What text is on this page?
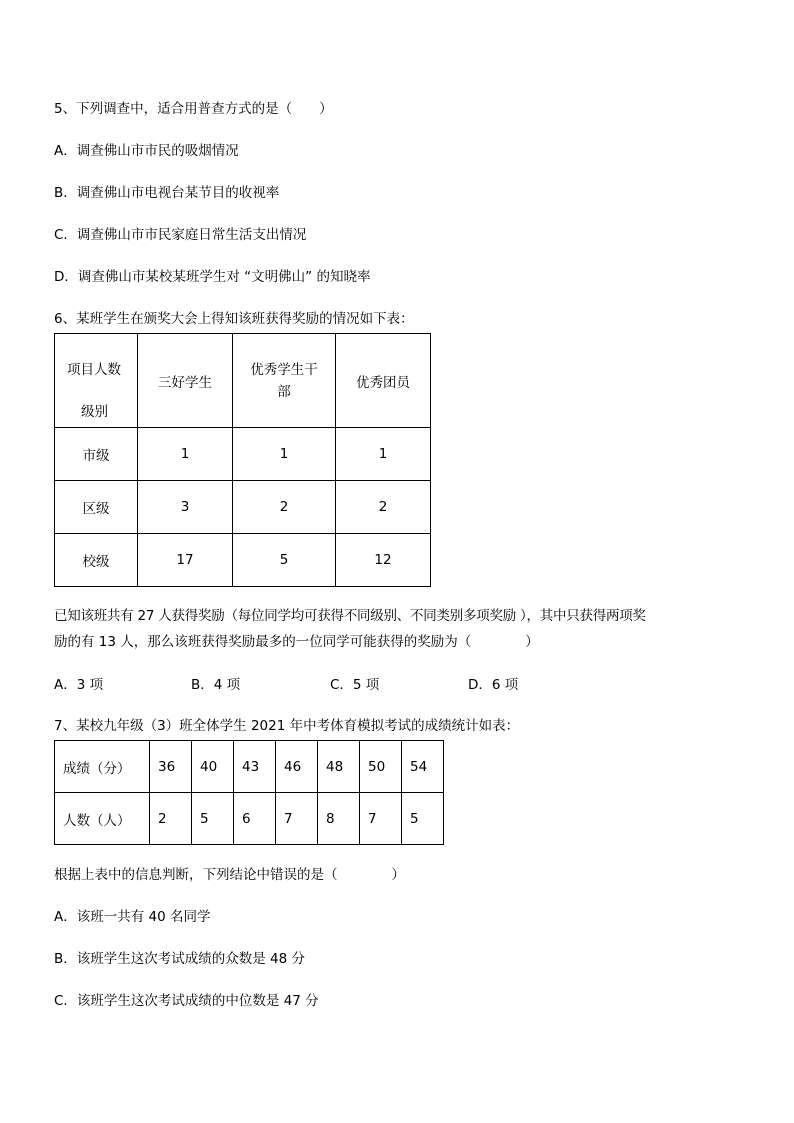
5、下列调查中，适合用普查方式的是（　　）
A．调查佛山市市民的吸烟情况
B．调查佛山市电视台某节目的收视率
C．调查佛山市市民家庭日常生活支出情况
D．调查佛山市某校某班学生对 “文明佛山” 的知晓率
6、某班学生在颁奖大会上得知该班获得奖励的情况如下表：
项目人数
级别	三好学生	优秀学生干部	优秀团员
市级	1	1	1
区级	3	2	2
校级	17	5	12
已知该班共有 27 人获得奖励（每位同学均可获得不同级别、不同类别多项奖励 ），其中只获得两项奖
励的有 13 人，那么该班获得奖励最多的一位同学可能获得的奖励为（　　　　）
A．3 项	B．4 项	C．5 项	D．6 项
7、某校九年级（3）班全体学生 2021 年中考体育模拟考试的成绩统计如表：
成绩（分）	36	40	43	46	48	50	54
人数（人）	2	5	6	7	8	7	5
根据上表中的信息判断，下列结论中错误的是（　　　　）
A．该班一共有 40 名同学
B．该班学生这次考试成绩的众数是 48 分
C．该班学生这次考试成绩的中位数是 47 分
